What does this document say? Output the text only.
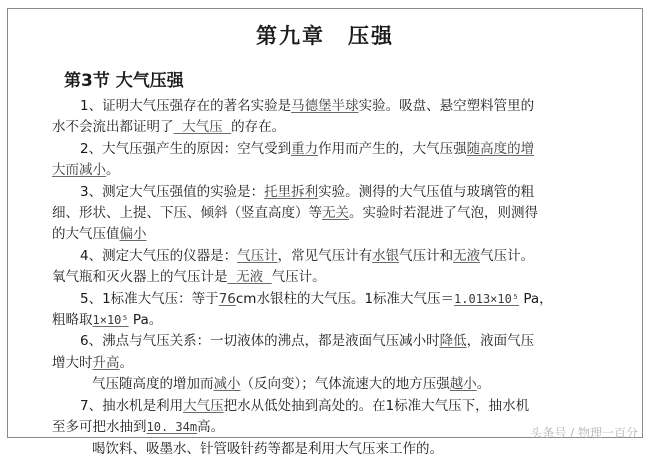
第九章　压强
第3节 大气压强

1、证明大气压强存在的著名实验是马德堡半球实验。吸盘、悬空塑料管里的

水不会流出都证明了  大气压  的存在。

2、大气压强产生的原因：空气受到重力作用而产生的，大气压强随高度的增

大而减小。

3、测定大气压强值的实验是：托里拆利实验。测得的大气压值与玻璃管的粗

细、形状、上提、下压、倾斜（竖直高度）等无关。实验时若混进了气泡，则测得

的大气压值偏小

4、测定大气压的仪器是：气压计，常见气压计有水银气压计和无液气压计。

氧气瓶和灭火器上的气压计是  无液  气压计。

5、1标准大气压：等于76cm水银柱的大气压。1标准大气压＝1.013×10⁵ Pa，

粗略取1×10⁵ Pa。

6、沸点与气压关系：一切液体的沸点，都是液面气压减小时降低，液面气压

增大时升高。

气压随高度的增加而减小（反向变）；气体流速大的地方压强越小。

7、抽水机是利用大气压把水从低处抽到高处的。在1标准大气压下，抽水机

至多可把水抽到10. 34m高。

喝饮料、吸墨水、针管吸针药等都是利用大气压来工作的。

头条号 / 物理一百分
